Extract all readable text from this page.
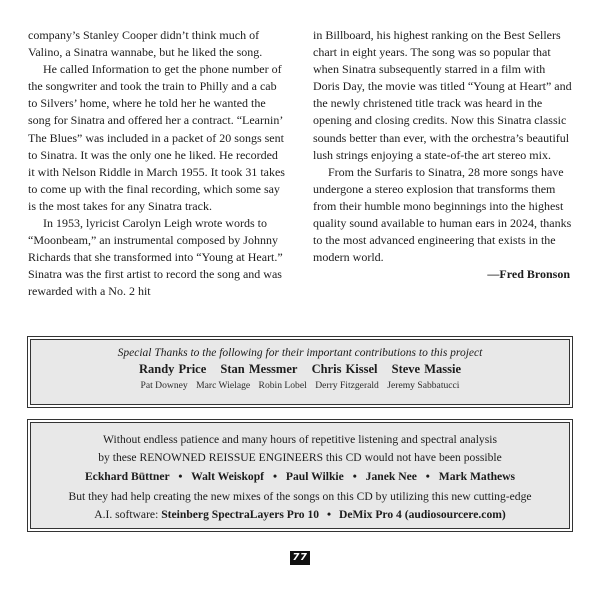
company’s Stanley Cooper didn’t think much of Valino, a Sinatra wannabe, but he liked the song.

He called Information to get the phone number of the songwriter and took the train to Philly and a cab to Silvers’ home, where he told her he wanted the song for Sinatra and offered her a contract. “Learnin’ The Blues” was included in a packet of 20 songs sent to Sinatra. It was the only one he liked. He recorded it with Nelson Riddle in March 1955. It took 31 takes to come up with the final recording, which some say is the most takes for any Sinatra track.

In 1953, lyricist Carolyn Leigh wrote words to “Moonbeam,” an instrumental composed by Johnny Richards that she transformed into “Young at Heart.” Sinatra was the first artist to record the song and was rewarded with a No. 2 hit

in Billboard, his highest ranking on the Best Sellers chart in eight years. The song was so popular that when Sinatra subsequently starred in a film with Doris Day, the movie was titled “Young at Heart” and the newly christened title track was heard in the opening and closing credits. Now this Sinatra classic sounds better than ever, with the orchestra’s beautiful lush strings enjoying a state-of-the art stereo mix.

From the Surfaris to Sinatra, 28 more songs have undergone a stereo explosion that transforms them from their humble mono beginnings into the highest quality sound available to human ears in 2024, thanks to the most advanced engineering that exists in the modern world.

—Fred Bronson
Special Thanks to the following for their important contributions to this project
Randy Price Stan Messmer Chris Kissel Steve Massie
Pat Downey Marc Wielage Robin Lobel Derry Fitzgerald Jeremy Sabbatucci
Without endless patience and many hours of repetitive listening and spectral analysis
by these RENOWNED REISSUE ENGINEERS this CD would not have been possible
Eckhard Büttner • Walt Weiskopf • Paul Wilkie • Janek Nee • Mark Mathews
But they had help creating the new mixes of the songs on this CD by utilizing this new cutting-edge
A.I. software: Steinberg SpectraLayers Pro 10 • DeMix Pro 4 (audiosourcere.com)
77
